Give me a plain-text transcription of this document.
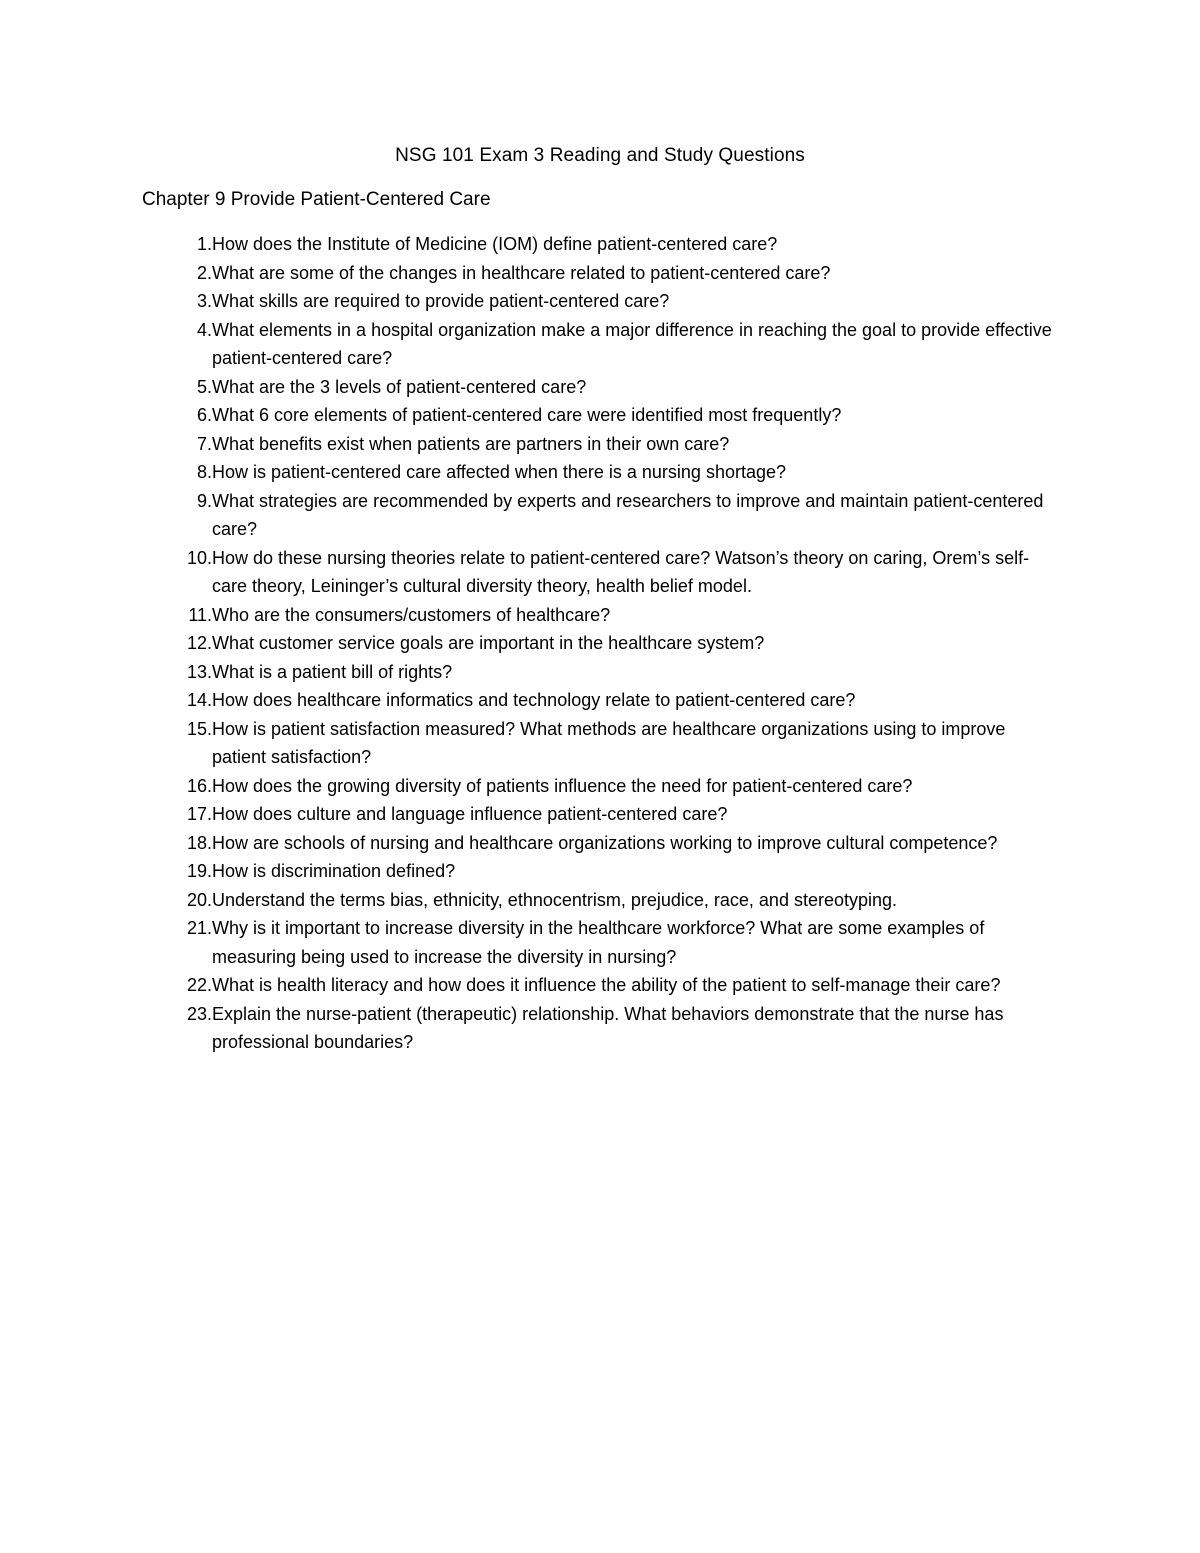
NSG 101 Exam 3 Reading and Study Questions
Chapter 9 Provide Patient-Centered Care
1. How does the Institute of Medicine (IOM) define patient-centered care?
2. What are some of the changes in healthcare related to patient-centered care?
3. What skills are required to provide patient-centered care?
4. What elements in a hospital organization make a major difference in reaching the goal to provide effective patient-centered care?
5. What are the 3 levels of patient-centered care?
6. What 6 core elements of patient-centered care were identified most frequently?
7. What benefits exist when patients are partners in their own care?
8. How is patient-centered care affected when there is a nursing shortage?
9. What strategies are recommended by experts and researchers to improve and maintain patient-centered care?
10. How do these nursing theories relate to patient-centered care? Watson’s theory on caring, Orem’s self-care theory, Leininger’s cultural diversity theory, health belief model.
11. Who are the consumers/customers of healthcare?
12. What customer service goals are important in the healthcare system?
13. What is a patient bill of rights?
14. How does healthcare informatics and technology relate to patient-centered care?
15. How is patient satisfaction measured? What methods are healthcare organizations using to improve patient satisfaction?
16. How does the growing diversity of patients influence the need for patient-centered care?
17. How does culture and language influence patient-centered care?
18. How are schools of nursing and healthcare organizations working to improve cultural competence?
19. How is discrimination defined?
20. Understand the terms bias, ethnicity, ethnocentrism, prejudice, race, and stereotyping.
21. Why is it important to increase diversity in the healthcare workforce? What are some examples of measuring being used to increase the diversity in nursing?
22. What is health literacy and how does it influence the ability of the patient to self-manage their care?
23. Explain the nurse-patient (therapeutic) relationship. What behaviors demonstrate that the nurse has professional boundaries?
